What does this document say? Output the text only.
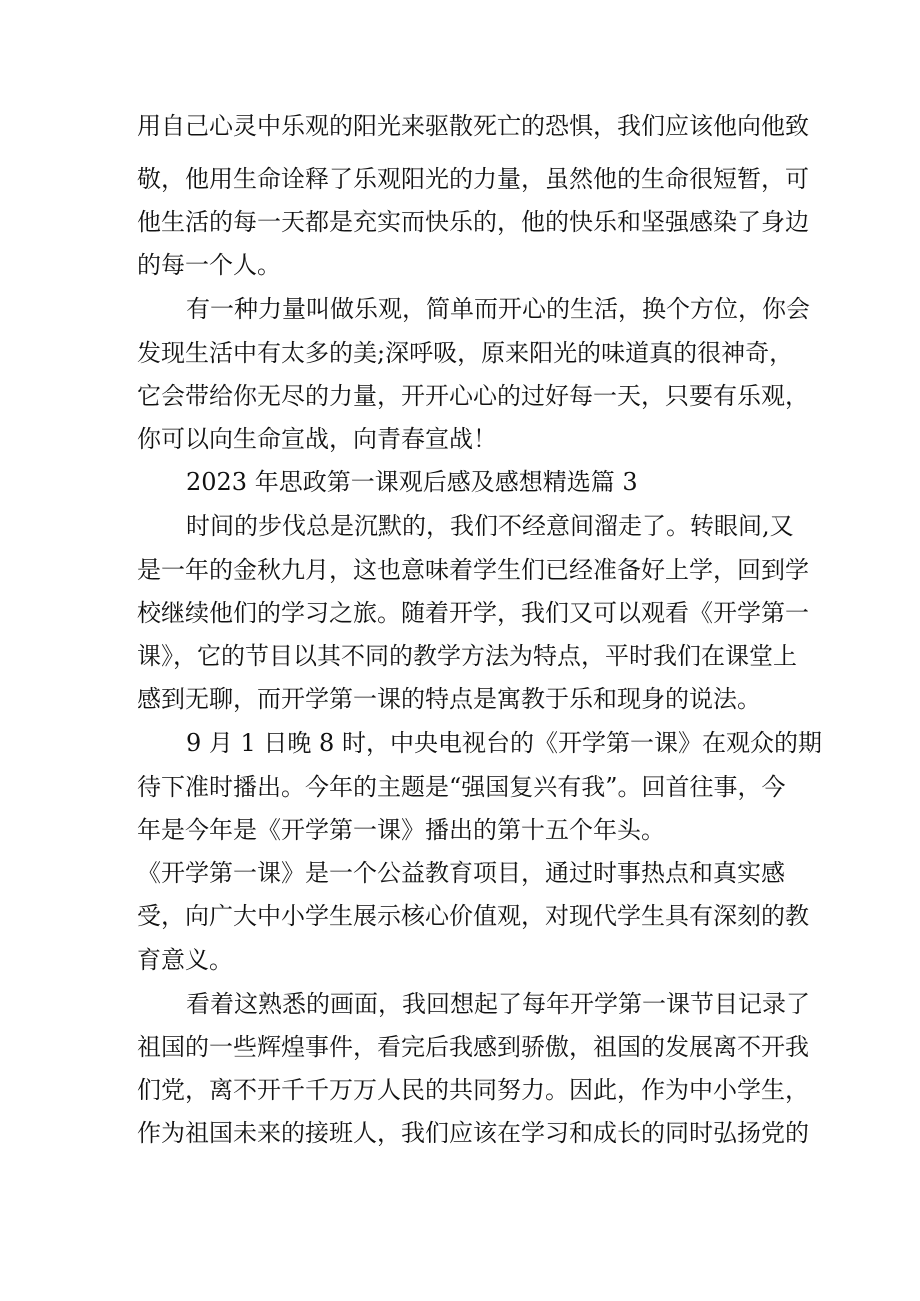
用自己心灵中乐观的阳光来驱散死亡的恐惧，我们应该他向他致
敬，他用生命诠释了乐观阳光的力量，虽然他的生命很短暂，可
他生活的每一天都是充实而快乐的，他的快乐和坚强感染了身边
的每一个人。
有一种力量叫做乐观，简单而开心的生活，换个方位，你会
发现生活中有太多的美;深呼吸，原来阳光的味道真的很神奇，
它会带给你无尽的力量，开开心心的过好每一天，只要有乐观，
你可以向生命宣战，向青春宣战！
2023 年思政第一课观后感及感想精选篇 3
时间的步伐总是沉默的，我们不经意间溜走了。转眼间,又
是一年的金秋九月，这也意味着学生们已经准备好上学，回到学
校继续他们的学习之旅。随着开学，我们又可以观看《开学第一
课》，它的节目以其不同的教学方法为特点，平时我们在课堂上
感到无聊，而开学第一课的特点是寓教于乐和现身的说法。
9 月 1 日晚 8 时，中央电视台的《开学第一课》在观众的期
待下准时播出。今年的主题是“强国复兴有我”。回首往事，今
年是今年是《开学第一课》播出的第十五个年头。
《开学第一课》是一个公益教育项目，通过时事热点和真实感
受，向广大中小学生展示核心价值观，对现代学生具有深刻的教
育意义。
看着这熟悉的画面，我回想起了每年开学第一课节目记录了
祖国的一些辉煌事件，看完后我感到骄傲，祖国的发展离不开我
们党，离不开千千万万人民的共同努力。因此，作为中小学生，
作为祖国未来的接班人，我们应该在学习和成长的同时弘扬党的
